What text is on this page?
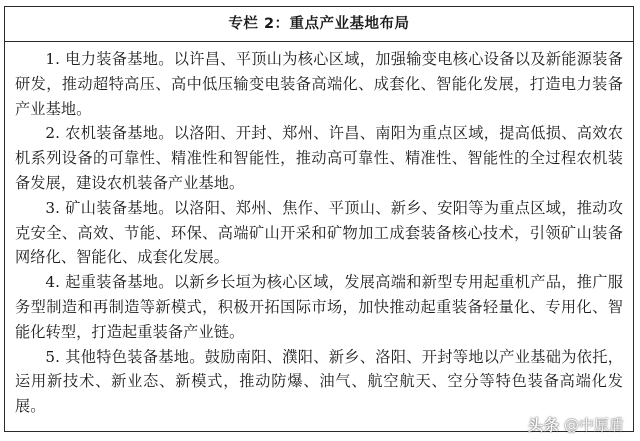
专栏 2：重点产业基地布局

1. 电力装备基地。以许昌、平顶山为核心区域，加强输变电核心设备以及新能源装备研发，推动超特高压、高中低压输变电装备高端化、成套化、智能化发展，打造电力装备产业基地。

2. 农机装备基地。以洛阳、开封、郑州、许昌、南阳为重点区域，提高低损、高效农机系列设备的可靠性、精准性和智能性，推动高可靠性、精准性、智能性的全过程农机装备发展，建设农机装备产业基地。

3. 矿山装备基地。以洛阳、郑州、焦作、平顶山、新乡、安阳等为重点区域，推动攻克安全、高效、节能、环保、高端矿山开采和矿物加工成套装备核心技术，引领矿山装备网络化、智能化、成套化发展。

4. 起重装备基地。以新乡长垣为核心区域，发展高端和新型专用起重机产品，推广服务型制造和再制造等新模式，积极开拓国际市场，加快推动起重装备轻量化、专用化、智能化转型，打造起重装备产业链。

5. 其他特色装备基地。鼓励南阳、濮阳、新乡、洛阳、开封等地以产业基础为依托，运用新技术、新业态、新模式，推动防爆、油气、航空航天、空分等特色装备高端化发展。

头条 @中原盾
